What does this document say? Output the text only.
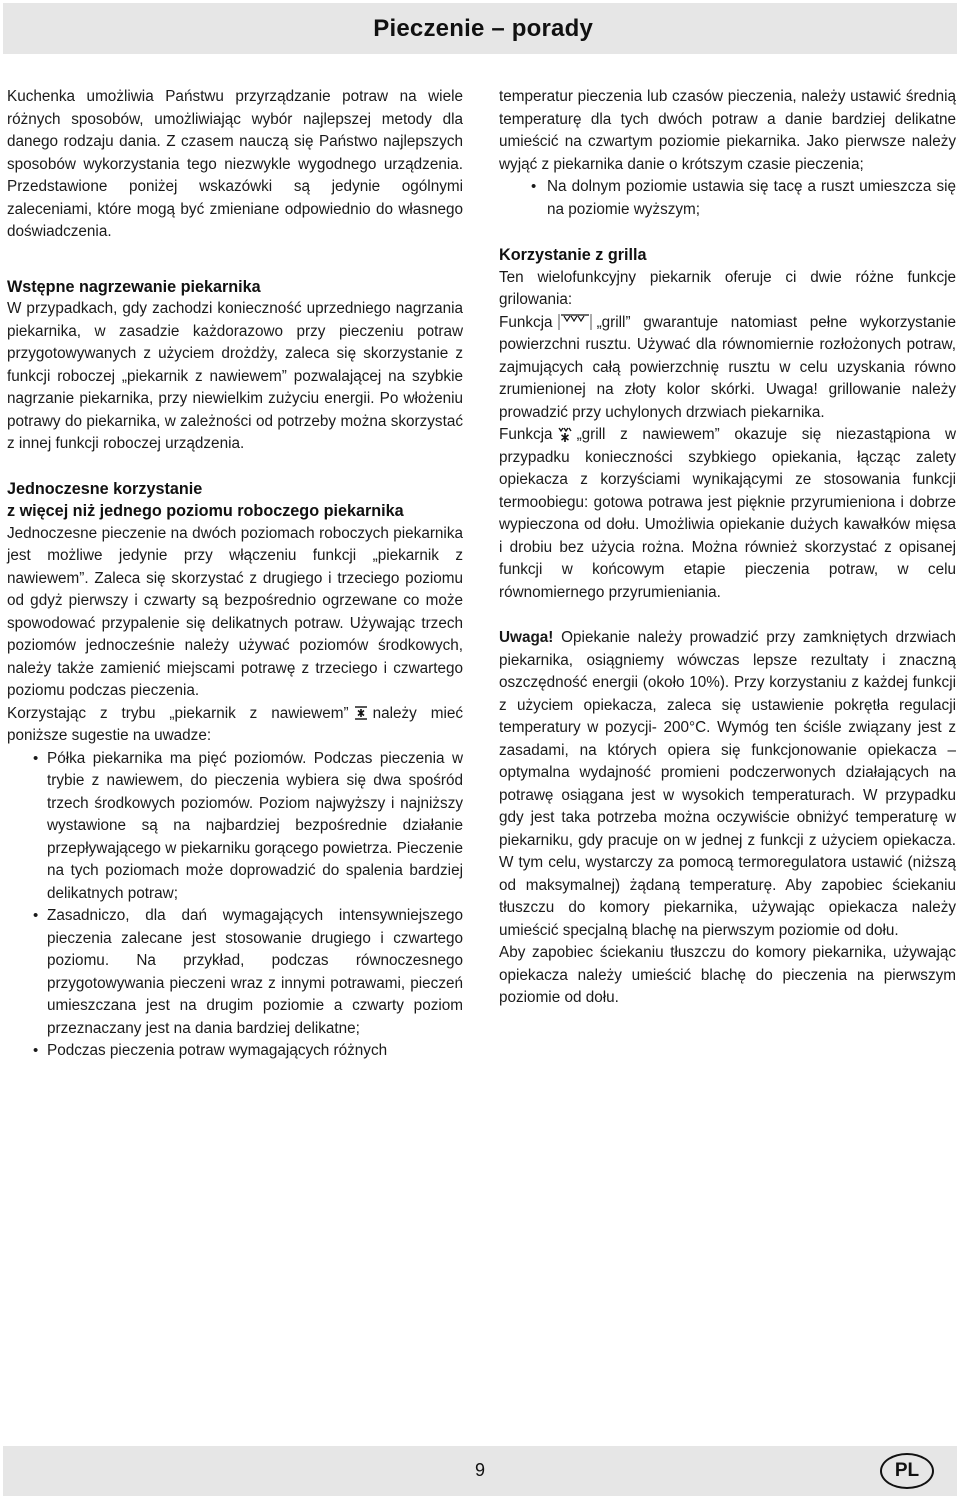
Pieczenie – porady

Kuchenka umożliwia Państwu przyrządzanie potraw na wiele różnych sposobów, umożliwiając wybór najlepszej metody dla danego rodzaju dania. Z czasem nauczą się Państwo najlepszych sposobów wykorzystania tego niezwykle wygodnego urządzenia. Przedstawione poniżej wskazówki są jedynie ogólnymi zaleceniami, które mogą być zmieniane odpowiednio do własnego doświadczenia.

Wstępne nagrzewanie piekarnika

W przypadkach, gdy zachodzi konieczność uprzedniego nagrzania piekarnika, w zasadzie każdorazowo przy pieczeniu potraw przygotowywanych z użyciem drożdży, zaleca się skorzystanie z funkcji roboczej „piekarnik z nawiewem” pozwalającej na szybkie nagrzanie piekarnika, przy niewielkim zużyciu energii. Po włożeniu potrawy do piekarnika, w zależności od potrzeby można skorzystać z innej funkcji roboczej urządzenia.

Jednoczesne korzystanie
z więcej niż jednego poziomu roboczego piekarnika

Jednoczesne pieczenie na dwóch poziomach roboczych piekarnika jest możliwe jedynie przy włączeniu funkcji „piekarnik z nawiewem”. Zaleca się skorzystać z drugiego i trzeciego poziomu od gdyż pierwszy i czwarty są bezpośrednio ogrzewane co może spowodować przypalenie się delikatnych potraw. Używając trzech poziomów jednocześnie należy używać poziomów środkowych, należy także zamienić miejscami potrawę z trzeciego i czwartego poziomu podczas pieczenia.

Korzystając z trybu „piekarnik z nawiewem” należy mieć poniższe sugestie na uwadze:

• Półka piekarnika ma pięć poziomów. Podczas pieczenia w trybie z nawiewem, do pieczenia wybiera się dwa spośród trzech środkowych poziomów. Poziom najwyższy i najniższy wystawione są na najbardziej bezpośrednie działanie przepływającego w piekarniku gorącego powietrza. Pieczenie na tych poziomach może doprowadzić do spalenia bardziej delikatnych potraw;
• Zasadniczo, dla dań wymagających intensywniejszego pieczenia zalecane jest stosowanie drugiego i czwartego poziomu. Na przykład, podczas równoczesnego przygotowywania pieczeni wraz z innymi potrawami, pieczeń umieszczana jest na drugim poziomie a czwarty poziom przeznaczany jest na dania bardziej delikatne;
• Podczas pieczenia potraw wymagających różnych

temperatur pieczenia lub czasów pieczenia, należy ustawić średnią temperaturę dla tych dwóch potraw a danie bardziej delikatne umieścić na czwartym poziomie piekarnika. Jako pierwsze należy wyjąć z piekarnika danie o krótszym czasie pieczenia;

• Na dolnym poziomie ustawia się tacę a ruszt umieszcza się na poziomie wyższym;
Korzystanie z grilla

Ten wielofunkcyjny piekarnik oferuje ci dwie różne funkcje grilowania:

Funkcja	„grill” gwarantuje natomiast pełne wykorzystanie powierzchni rusztu. Używać dla równomiernie rozłożonych potraw, zajmujących całą powierzchnię rusztu w celu uzyskania równo zrumienionej na złoty kolor skórki. Uwaga! grillowanie należy prowadzić przy uchylonych drzwiach piekarnika.

Funkcja „grill z nawiewem” okazuje się niezastąpiona w przypadku konieczności szybkiego opiekania, łącząc zalety opiekacza z korzyściami wynikającymi ze stosowania funkcji termoobiegu: gotowa potrawa jest pięknie przyrumieniona i dobrze wypieczona od dołu. Umożliwia opiekanie dużych kawałków mięsa i drobiu bez użycia rożna. Można również skorzystać z opisanej funkcji w końcowym etapie pieczenia potraw, w celu równomiernego przyrumieniania.

Uwaga! Opiekanie należy prowadzić przy zamkniętych drzwiach piekarnika, osiągniemy wówczas lepsze rezultaty i znaczną oszczędność energii (około 10%). Przy korzystaniu z każdej funkcji z użyciem opiekacza, zaleca się ustawienie pokrętła regulacji temperatury w pozycji- 200°C. Wymóg ten ściśle związany jest z zasadami, na których opiera się funkcjonowanie opiekacza – optymalna wydajność promieni podczerwonych działających na potrawę osiągana jest w wysokich temperaturach. W przypadku gdy jest taka potrzeba można oczywiście obniżyć temperaturę w piekarniku, gdy pracuje on w jednej z funkcji z użyciem opiekacza. W tym celu, wystarczy za pomocą termoregulatora ustawić (niższą od maksymalnej) żądaną temperaturę. Aby zapobiec ściekaniu tłuszczu do komory piekarnika, używając opiekacza należy umieścić specjalną blachę na pierwszym poziomie od dołu.

Aby zapobiec ściekaniu tłuszczu do komory piekarnika, używając opiekacza należy umieścić blachę do pieczenia na pierwszym poziomie od dołu.

9	PL
